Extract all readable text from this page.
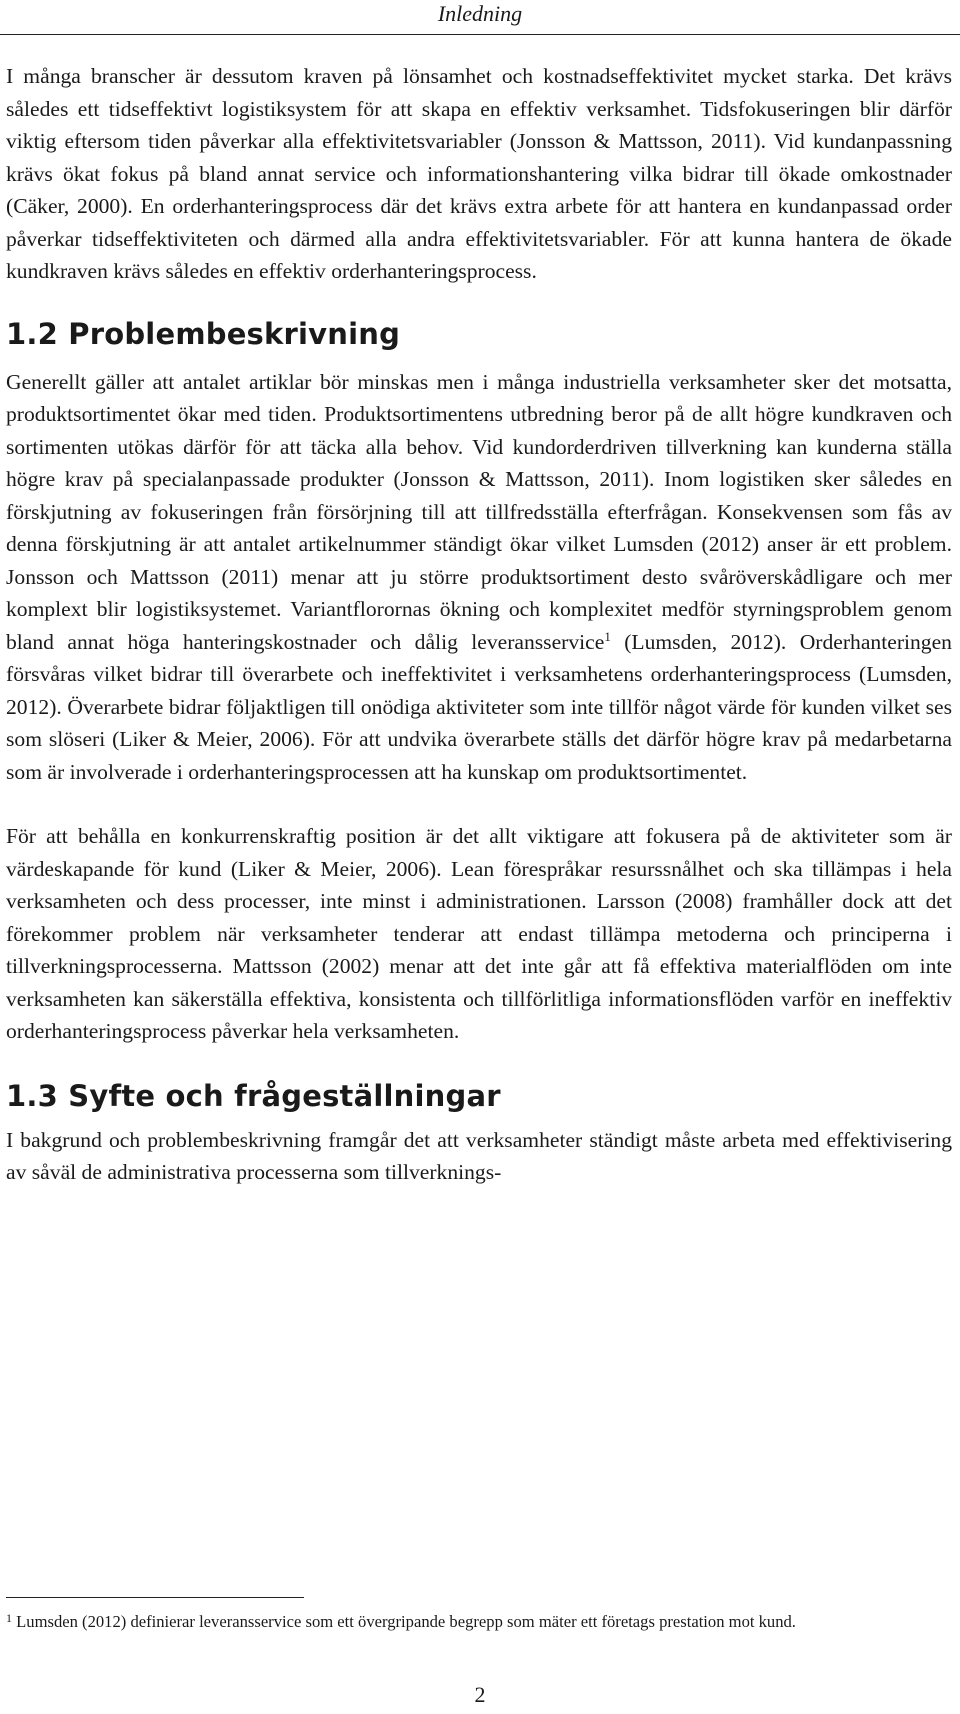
Inledning

I många branscher är dessutom kraven på lönsamhet och kostnadseffektivitet mycket starka. Det krävs således ett tidseffektivt logistiksystem för att skapa en effektiv verksamhet. Tidsfokuseringen blir därför viktig eftersom tiden påverkar alla effektivitetsvariabler (Jonsson & Mattsson, 2011). Vid kundanpassning krävs ökat fokus på bland annat service och informationshantering vilka bidrar till ökade omkostnader (Cäker, 2000). En orderhanteringsprocess där det krävs extra arbete för att hantera en kundanpassad order påverkar tidseffektiviteten och därmed alla andra effektivitetsvariabler. För att kunna hantera de ökade kundkraven krävs således en effektiv orderhanteringsprocess.

1.2 Problembeskrivning

Generellt gäller att antalet artiklar bör minskas men i många industriella verksamheter sker det motsatta, produktsortimentet ökar med tiden. Produktsortimentens utbredning beror på de allt högre kundkraven och sortimenten utökas därför för att täcka alla behov. Vid kundorderdriven tillverkning kan kunderna ställa högre krav på specialanpassade produkter (Jonsson & Mattsson, 2011). Inom logistiken sker således en förskjutning av fokuseringen från försörjning till att tillfredsställa efterfrågan. Konsekvensen som fås av denna förskjutning är att antalet artikelnummer ständigt ökar vilket Lumsden (2012) anser är ett problem. Jonsson och Mattsson (2011) menar att ju större produktsortiment desto svåröverskådligare och mer komplext blir logistiksystemet. Variantflorornas ökning och komplexitet medför styrningsproblem genom bland annat höga hanteringskostnader och dålig leveransservice$^1$ (Lumsden, 2012). Orderhanteringen försvåras vilket bidrar till överarbete och ineffektivitet i verksamhetens orderhanteringsprocess (Lumsden, 2012). Överarbete bidrar följaktligen till onödiga aktiviteter som inte tillför något värde för kunden vilket ses som slöseri (Liker & Meier, 2006). För att undvika överarbete ställs det därför högre krav på medarbetarna som är involverade i orderhanteringsprocessen att ha kunskap om produktsortimentet.

För att behålla en konkurrenskraftig position är det allt viktigare att fokusera på de aktiviteter som är värdeskapande för kund (Liker & Meier, 2006). Lean förespråkar resurssnålhet och ska tillämpas i hela verksamheten och dess processer, inte minst i administrationen. Larsson (2008) framhåller dock att det förekommer problem när verksamheter tenderar att endast tillämpa metoderna och principerna i tillverkningsprocesserna. Mattsson (2002) menar att det inte går att få effektiva materialflöden om inte verksamheten kan säkerställa effektiva, konsistenta och tillförlitliga informationsflöden varför en ineffektiv orderhanteringsprocess påverkar hela verksamheten.

1.3 Syfte och frågeställningar

I bakgrund och problembeskrivning framgår det att verksamheter ständigt måste arbeta med effektivisering av såväl de administrativa processerna som tillverknings-

$^1$ Lumsden (2012) definierar leveransservice som ett övergripande begrepp som mäter ett företags prestation mot kund.
2
